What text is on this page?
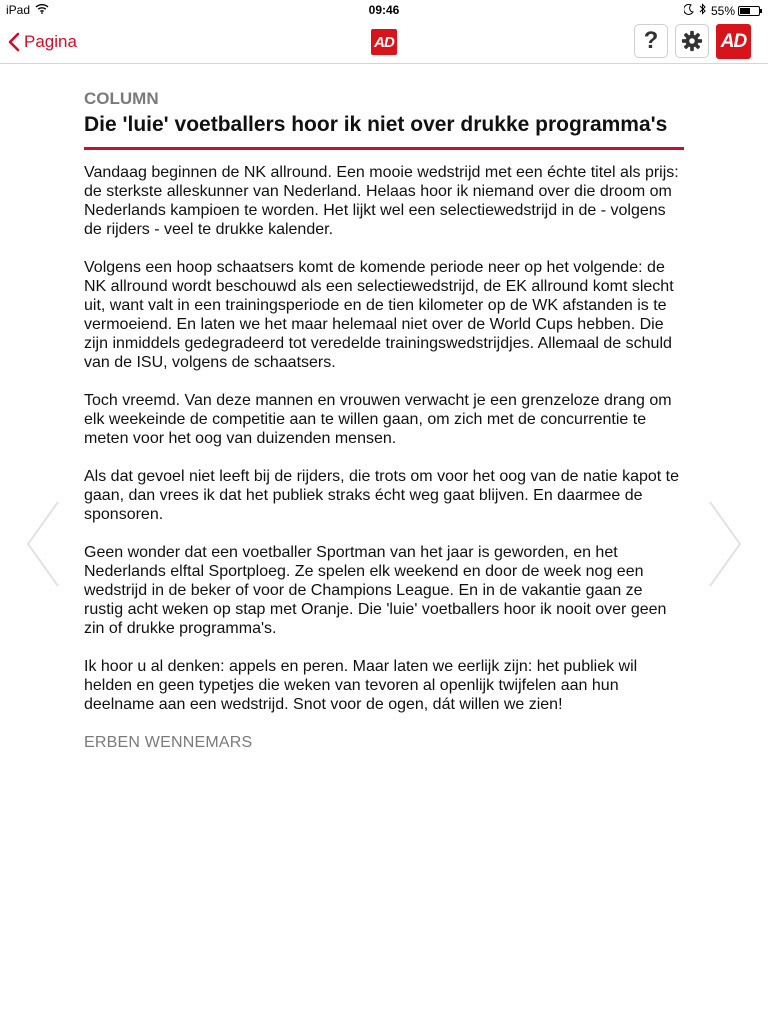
iPad	09:46	55%
Pagina	AD	?	AD
COLUMN
Die 'luie' voetballers hoor ik niet over drukke programma's

Vandaag beginnen de NK allround. Een mooie wedstrijd met een échte titel als prijs: de sterkste alleskunner van Nederland. Helaas hoor ik niemand over die droom om Nederlands kampioen te worden. Het lijkt wel een selectiewedstrijd in de - volgens de rijders - veel te drukke kalender.

Volgens een hoop schaatsers komt de komende periode neer op het volgende: de NK allround wordt beschouwd als een selectiewedstrijd, de EK allround komt slecht uit, want valt in een trainingsperiode en de tien kilometer op de WK afstanden is te vermoeiend. En laten we het maar helemaal niet over de World Cups hebben. Die zijn inmiddels gedegradeerd tot veredelde trainingswedstrijdjes. Allemaal de schuld van de ISU, volgens de schaatsers.

Toch vreemd. Van deze mannen en vrouwen verwacht je een grenzeloze drang om elk weekeinde de competitie aan te willen gaan, om zich met de concurrentie te meten voor het oog van duizenden mensen.

Als dat gevoel niet leeft bij de rijders, die trots om voor het oog van de natie kapot te gaan, dan vrees ik dat het publiek straks écht weg gaat blijven. En daarmee de sponsoren.

Geen wonder dat een voetballer Sportman van het jaar is geworden, en het Nederlands elftal Sportploeg. Ze spelen elk weekend en door de week nog een wedstrijd in de beker of voor de Champions League. En in de vakantie gaan ze rustig acht weken op stap met Oranje. Die 'luie' voetballers hoor ik nooit over geen zin of drukke programma's.

Ik hoor u al denken: appels en peren. Maar laten we eerlijk zijn: het publiek wil helden en geen typetjes die weken van tevoren al openlijk twijfelen aan hun deelname aan een wedstrijd. Snot voor de ogen, dát willen we zien!

ERBEN WENNEMARS
